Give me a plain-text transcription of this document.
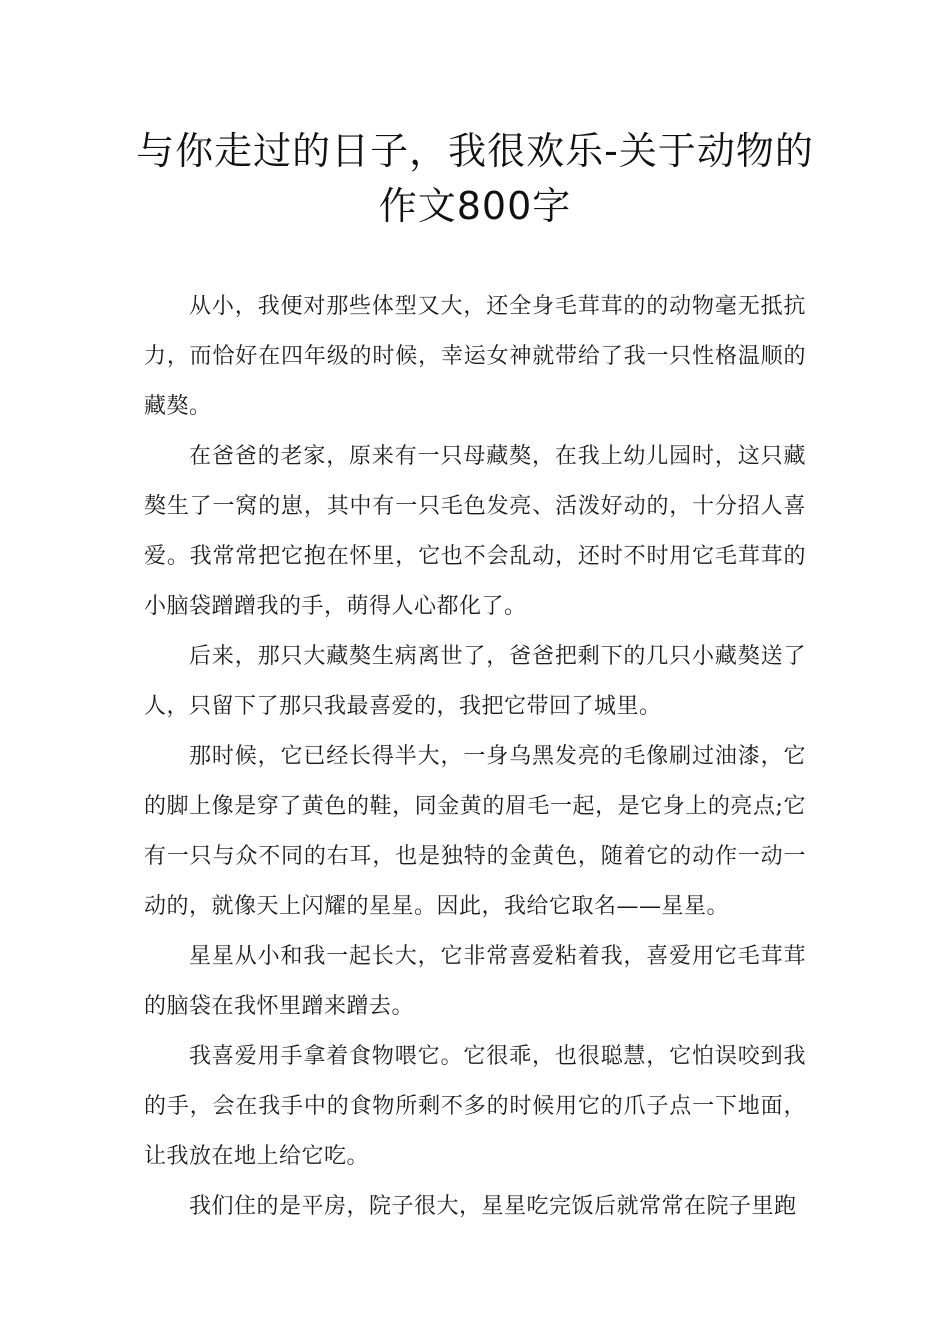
与你走过的日子，我很欢乐-关于动物的作文800字

从小，我便对那些体型又大，还全身毛茸茸的的动物毫无抵抗力，而恰好在四年级的时候，幸运女神就带给了我一只性格温顺的藏獒。

在爸爸的老家，原来有一只母藏獒，在我上幼儿园时，这只藏獒生了一窝的崽，其中有一只毛色发亮、活泼好动的，十分招人喜爱。我常常把它抱在怀里，它也不会乱动，还时不时用它毛茸茸的小脑袋蹭蹭我的手，萌得人心都化了。

后来，那只大藏獒生病离世了，爸爸把剩下的几只小藏獒送了人，只留下了那只我最喜爱的，我把它带回了城里。

那时候，它已经长得半大，一身乌黑发亮的毛像刷过油漆，它的脚上像是穿了黄色的鞋，同金黄的眉毛一起，是它身上的亮点;它有一只与众不同的右耳，也是独特的金黄色，随着它的动作一动一动的，就像天上闪耀的星星。因此，我给它取名——星星。

星星从小和我一起长大，它非常喜爱粘着我，喜爱用它毛茸茸的脑袋在我怀里蹭来蹭去。

我喜爱用手拿着食物喂它。它很乖，也很聪慧，它怕误咬到我的手，会在我手中的食物所剩不多的时候用它的爪子点一下地面，让我放在地上给它吃。

我们住的是平房，院子很大，星星吃完饭后就常常在院子里跑
